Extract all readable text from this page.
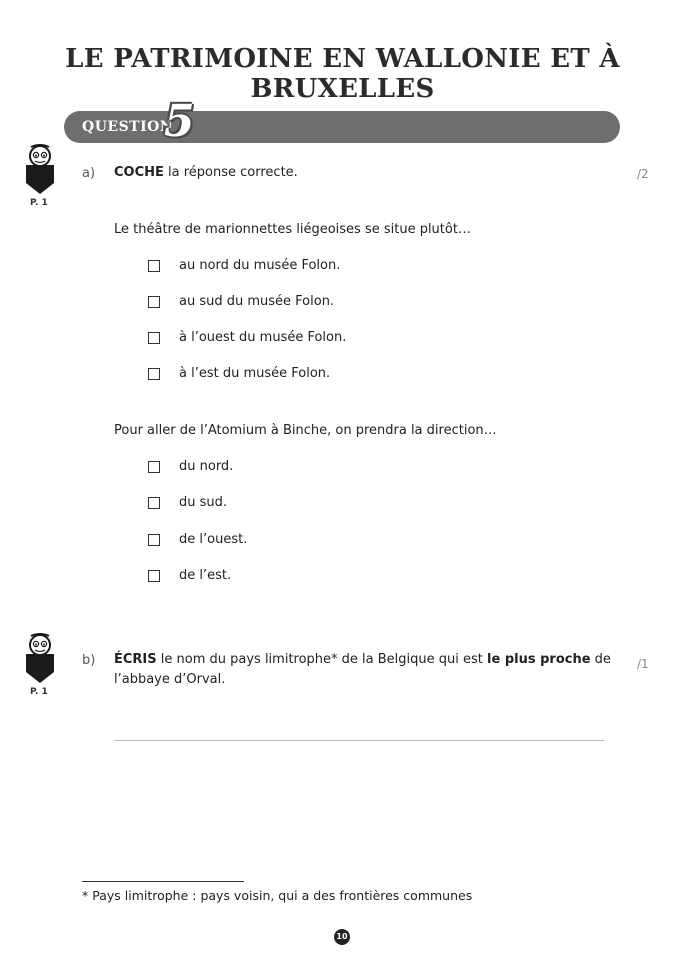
LE PATRIMOINE EN WALLONIE ET À BRUXELLES
QUESTION
5
P. 1
a) COCHE la réponse correcte.	/2
Le théâtre de marionnettes liégeoises se situe plutôt…
au nord du musée Folon.
au sud du musée Folon.
à l’ouest du musée Folon.
à l’est du musée Folon.
Pour aller de l’Atomium à Binche, on prendra la direction…
du nord.
du sud.
de l’ouest.
de l’est.
P. 1
b) ÉCRIS le nom du pays limitrophe* de la Belgique qui est le plus proche de l’abbaye d’Orval.
/1
* Pays limitrophe : pays voisin, qui a des frontières communes
10
